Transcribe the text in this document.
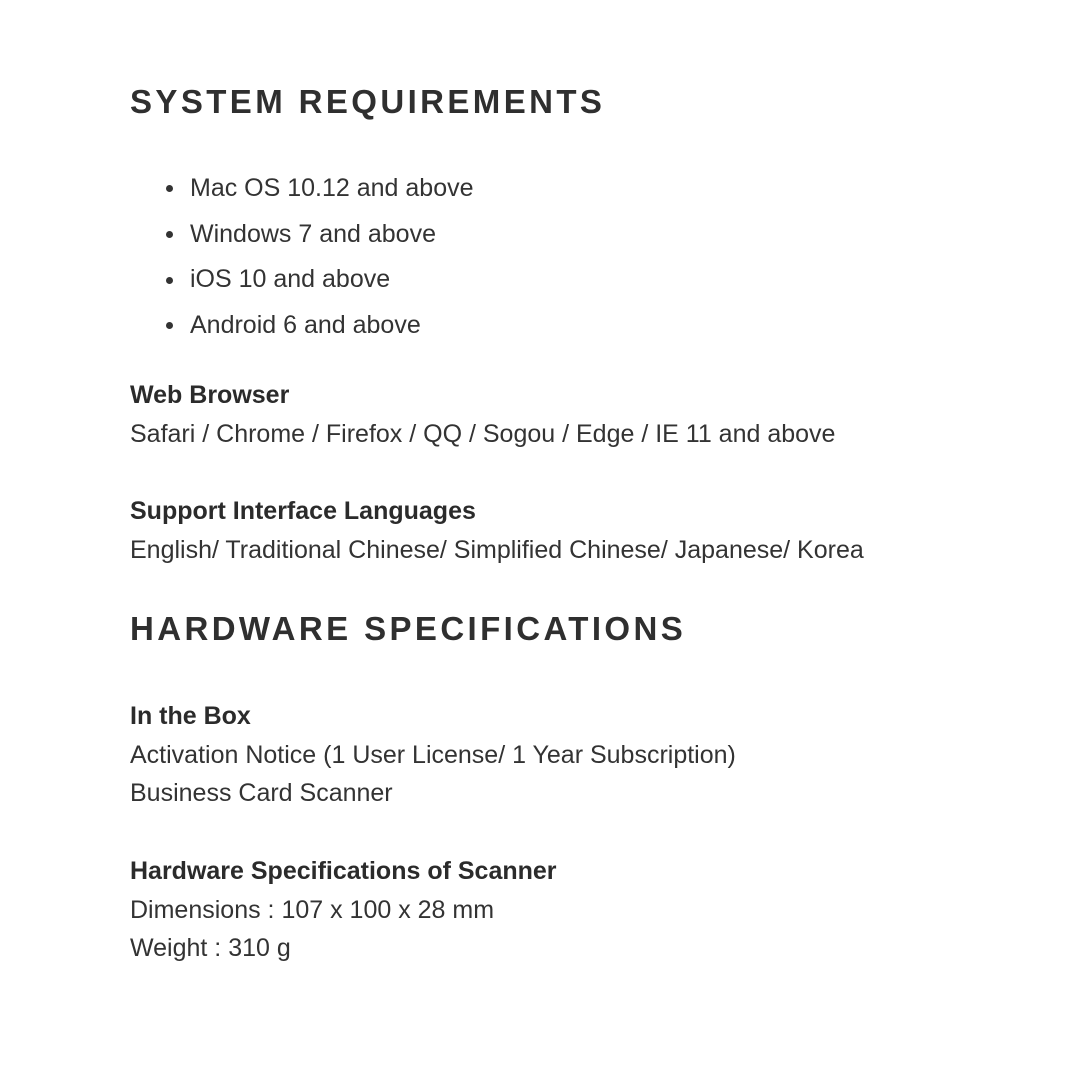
SYSTEM REQUIREMENTS
Mac OS 10.12 and above
Windows 7 and above
iOS 10 and above
Android 6 and above
Web Browser
Safari / Chrome / Firefox / QQ / Sogou / Edge / IE 11 and above
Support Interface Languages
English/ Traditional Chinese/ Simplified Chinese/ Japanese/ Korea
HARDWARE SPECIFICATIONS
In the Box
Activation Notice (1 User License/ 1 Year Subscription)
Business Card Scanner
Hardware Specifications of Scanner
Dimensions : 107 x 100 x 28 mm
Weight : 310 g
